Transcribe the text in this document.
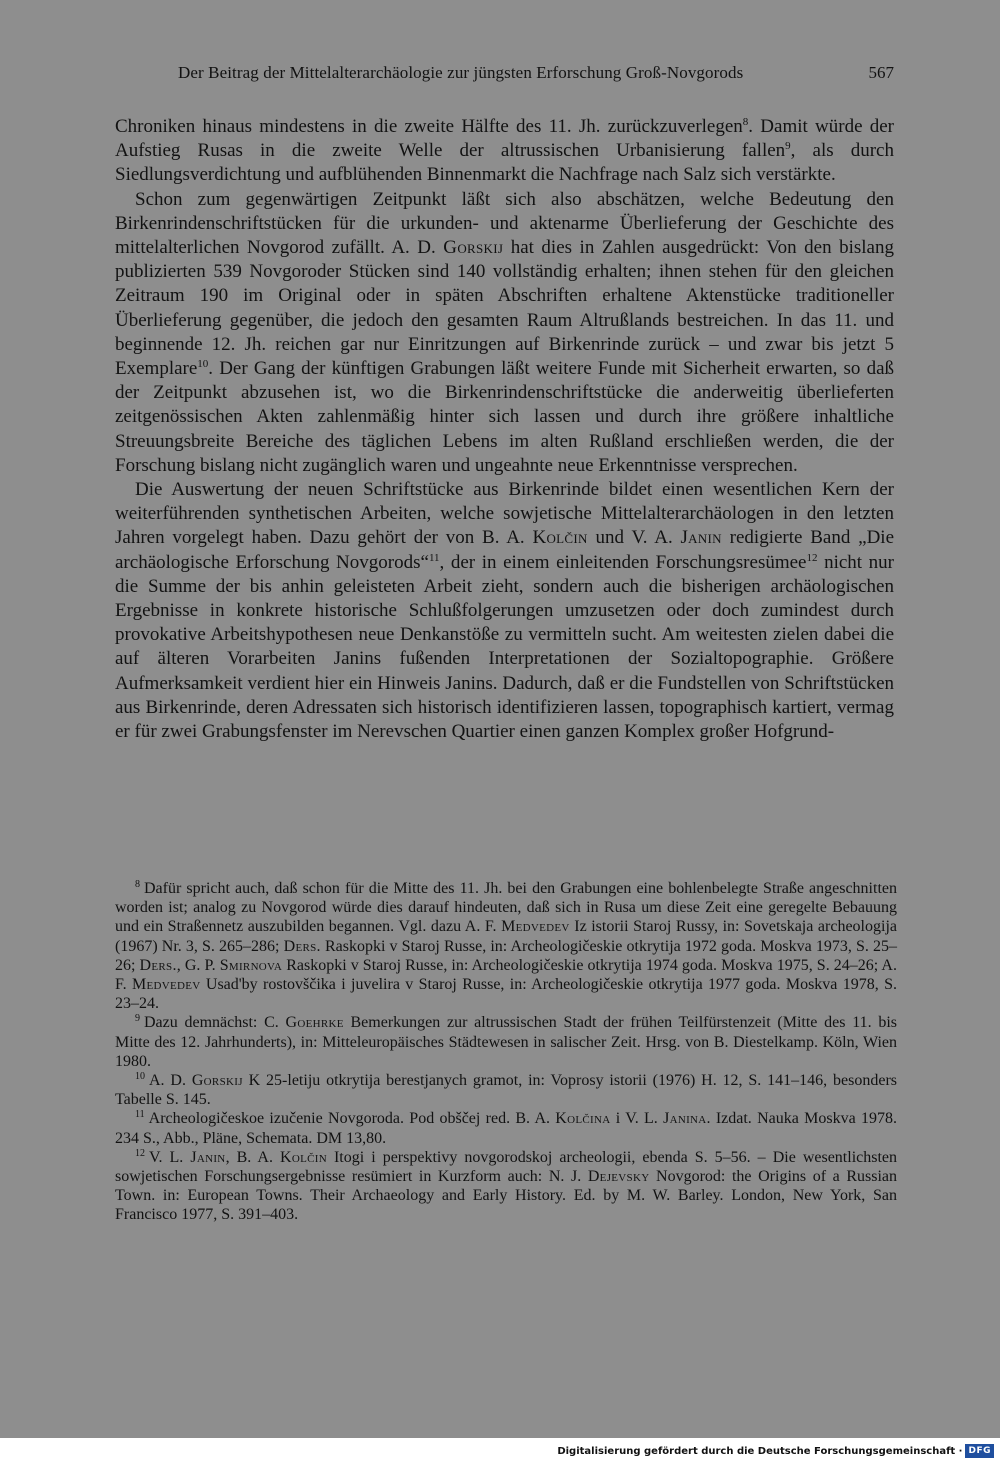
Der Beitrag der Mittelalterarchäologie zur jüngsten Erforschung Groß-Novgorods	567

Chroniken hinaus mindestens in die zweite Hälfte des 11. Jh. zurückzuverlegen$^8$. Damit würde der Aufstieg Rusas in die zweite Welle der altrussischen Urbanisierung fallen$^9$, als durch Siedlungsverdichtung und aufblühenden Binnenmarkt die Nachfrage nach Salz sich verstärkte.

Schon zum gegenwärtigen Zeitpunkt läßt sich also abschätzen, welche Bedeutung den Birkenrindenschriftstücken für die urkunden- und aktenarme Überlieferung der Geschichte des mittelalterlichen Novgorod zufällt. A. D. Gorskij hat dies in Zahlen ausgedrückt: Von den bislang publizierten 539 Novgoroder Stücken sind 140 vollständig erhalten; ihnen stehen für den gleichen Zeitraum 190 im Original oder in späten Abschriften erhaltene Aktenstücke traditioneller Überlieferung gegenüber, die jedoch den gesamten Raum Altrußlands bestreichen. In das 11. und beginnende 12. Jh. reichen gar nur Einritzungen auf Birkenrinde zurück – und zwar bis jetzt 5 Exemplare$^{10}$. Der Gang der künftigen Grabungen läßt weitere Funde mit Sicherheit erwarten, so daß der Zeitpunkt abzusehen ist, wo die Birkenrindenschriftstücke die anderweitig überlieferten zeitgenössischen Akten zahlenmäßig hinter sich lassen und durch ihre größere inhaltliche Streuungsbreite Bereiche des täglichen Lebens im alten Rußland erschließen werden, die der Forschung bislang nicht zugänglich waren und ungeahnte neue Erkenntnisse versprechen.

Die Auswertung der neuen Schriftstücke aus Birkenrinde bildet einen wesentlichen Kern der weiterführenden synthetischen Arbeiten, welche sowjetische Mittelalterarchäologen in den letzten Jahren vorgelegt haben. Dazu gehört der von B. A. Kolčin und V. A. Janin redigierte Band „Die archäologische Erforschung Novgorods“$^{11}$, der in einem einleitenden Forschungsresümee$^{12}$ nicht nur die Summe der bis anhin geleisteten Arbeit zieht, sondern auch die bisherigen archäologischen Ergebnisse in konkrete historische Schlußfolgerungen umzusetzen oder doch zumindest durch provokative Arbeitshypothesen neue Denkanstöße zu vermitteln sucht. Am weitesten zielen dabei die auf älteren Vorarbeiten Janins fußenden Interpretationen der Sozialtopographie. Größere Aufmerksamkeit verdient hier ein Hinweis Janins. Dadurch, daß er die Fundstellen von Schriftstücken aus Birkenrinde, deren Adressaten sich historisch identifizieren lassen, topographisch kartiert, vermag er für zwei Grabungsfenster im Nerevschen Quartier einen ganzen Komplex großer Hofgrund-

$^8$ Dafür spricht auch, daß schon für die Mitte des 11. Jh. bei den Grabungen eine bohlenbelegte Straße angeschnitten worden ist; analog zu Novgorod würde dies darauf hindeuten, daß sich in Rusa um diese Zeit eine geregelte Bebauung und ein Straßennetz auszubilden begannen. Vgl. dazu A. F. Medvedev Iz istorii Staroj Russy, in: Sovetskaja archeologija (1967) Nr. 3, S. 265–286; Ders. Raskopki v Staroj Russe, in: Archeologičeskie otkrytija 1972 goda. Moskva 1973, S. 25–26; Ders., G. P. Smirnova Raskopki v Staroj Russe, in: Archeologičeskie otkrytija 1974 goda. Moskva 1975, S. 24–26; A. F. Medvedev Usad'by rostovščika i juvelira v Staroj Russe, in: Archeologičeskie otkrytija 1977 goda. Moskva 1978, S. 23–24.

$^9$ Dazu demnächst: C. Goehrke Bemerkungen zur altrussischen Stadt der frühen Teilfürstenzeit (Mitte des 11. bis Mitte des 12. Jahrhunderts), in: Mitteleuropäisches Städtewesen in salischer Zeit. Hrsg. von B. Diestelkamp. Köln, Wien 1980.

$^{10}$ A. D. Gorskij K 25-letiju otkrytija berestjanych gramot, in: Voprosy istorii (1976) H. 12, S. 141–146, besonders Tabelle S. 145.

$^{11}$ Archeologičeskoe izučenie Novgoroda. Pod obščej red. B. A. Kolčina i V. L. Janina. Izdat. Nauka Moskva 1978. 234 S., Abb., Pläne, Schemata. DM 13,80.

$^{12}$ V. L. Janin, B. A. Kolčin Itogi i perspektivy novgorodskoj archeologii, ebenda S. 5–56. – Die wesentlichsten sowjetischen Forschungsergebnisse resümiert in Kurzform auch: N. J. Dejevsky Novgorod: the Origins of a Russian Town. in: European Towns. Their Archaeology and Early History. Ed. by M. W. Barley. London, New York, San Francisco 1977, S. 391–403.

Digitalisierung gefördert durch die Deutsche Forschungsgemeinschaft · DFG
